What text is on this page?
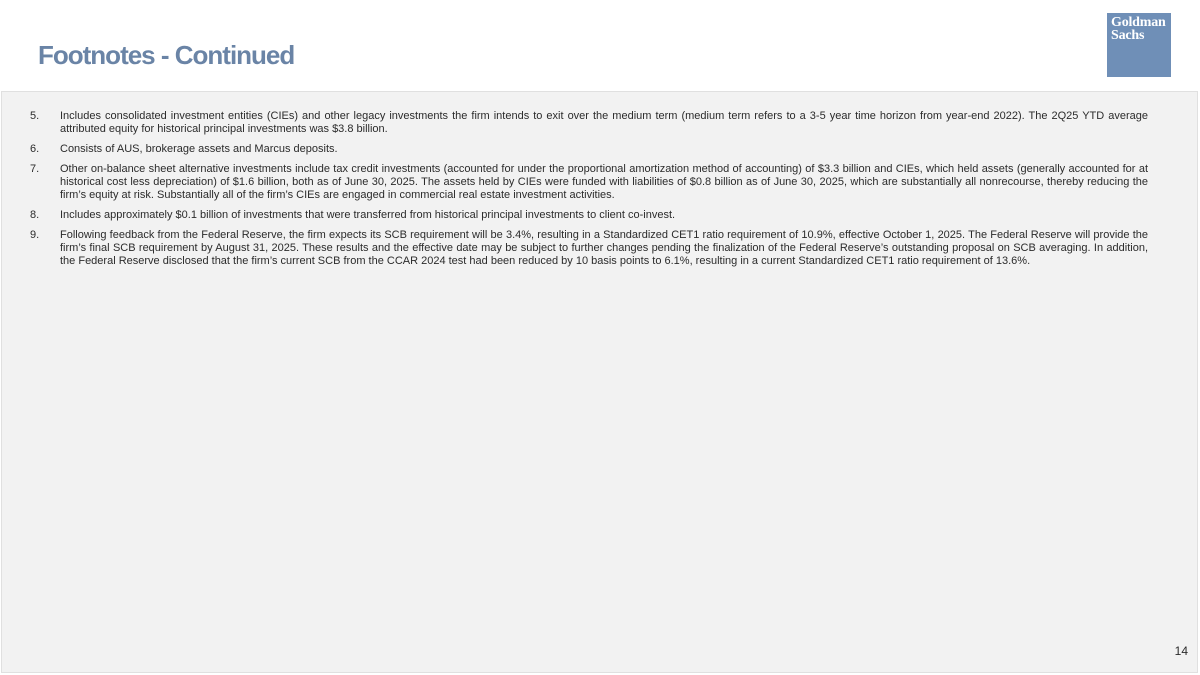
Footnotes - Continued
Goldman
Sachs
5. Includes consolidated investment entities (CIEs) and other legacy investments the firm intends to exit over the medium term (medium term refers to a 3-5 year time horizon from year-end 2022). The 2Q25 YTD average attributed equity for historical principal investments was $3.8 billion.
6. Consists of AUS, brokerage assets and Marcus deposits.
7. Other on-balance sheet alternative investments include tax credit investments (accounted for under the proportional amortization method of accounting) of $3.3 billion and CIEs, which held assets (generally accounted for at historical cost less depreciation) of $1.6 billion, both as of June 30, 2025. The assets held by CIEs were funded with liabilities of $0.8 billion as of June 30, 2025, which are substantially all nonrecourse, thereby reducing the firm’s equity at risk. Substantially all of the firm’s CIEs are engaged in commercial real estate investment activities.
8. Includes approximately $0.1 billion of investments that were transferred from historical principal investments to client co-invest.
9. Following feedback from the Federal Reserve, the firm expects its SCB requirement will be 3.4%, resulting in a Standardized CET1 ratio requirement of 10.9%, effective October 1, 2025. The Federal Reserve will provide the firm’s final SCB requirement by August 31, 2025. These results and the effective date may be subject to further changes pending the finalization of the Federal Reserve’s outstanding proposal on SCB averaging. In addition, the Federal Reserve disclosed that the firm’s current SCB from the CCAR 2024 test had been reduced by 10 basis points to 6.1%, resulting in a current Standardized CET1 ratio requirement of 13.6%.
14
